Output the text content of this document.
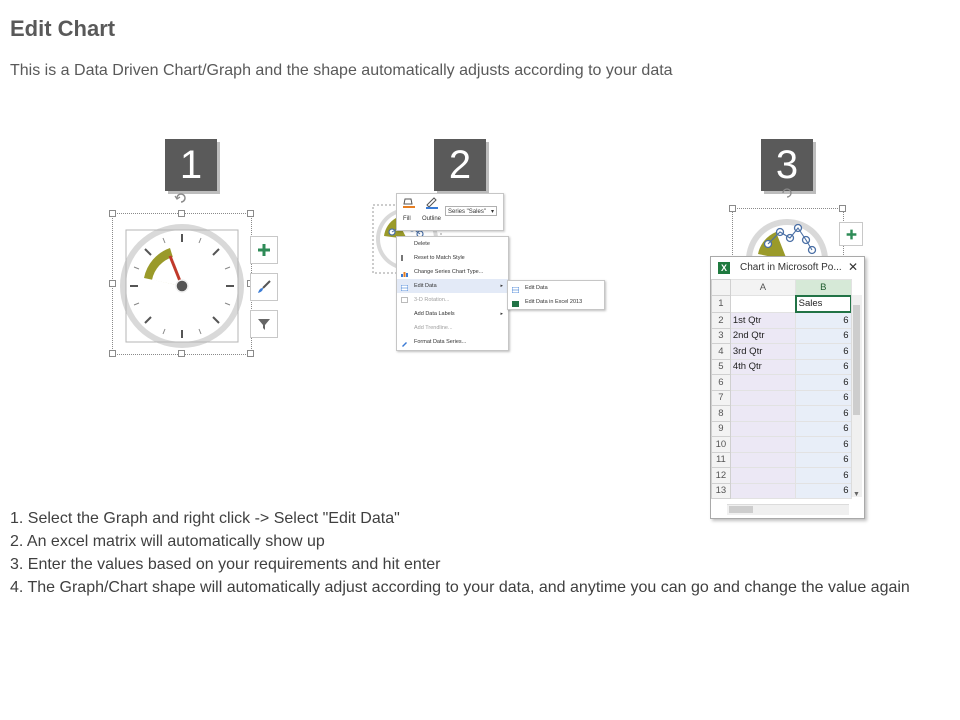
Edit Chart
This is a Data Driven Chart/Graph and the shape automatically adjusts according to your data
1	2	3
Fill Outline
Series "Sales" ▾
Delete
Reset to Match Style
Change Series Chart Type...
Edit Data	▸
3-D Rotation...
Add Data Labels	▸
Add Trendline...
Format Data Series...
Edit Data
Edit Data in Excel 2013
X	Chart in Microsoft Po... ✕
	A	B
1		Sales
2	1st Qtr	6
3	2nd Qtr	6
4	3rd Qtr	6
5	4th Qtr	6
6		6
7		6
8		6
9		6
10		6
11		6
12		6
13		6 ▼
1. Select the Graph and right click -> Select "Edit Data"
2. An excel matrix will automatically show up
3. Enter the values based on your requirements and hit enter
4. The Graph/Chart shape will automatically adjust according to your data, and anytime you can go and change the value again
